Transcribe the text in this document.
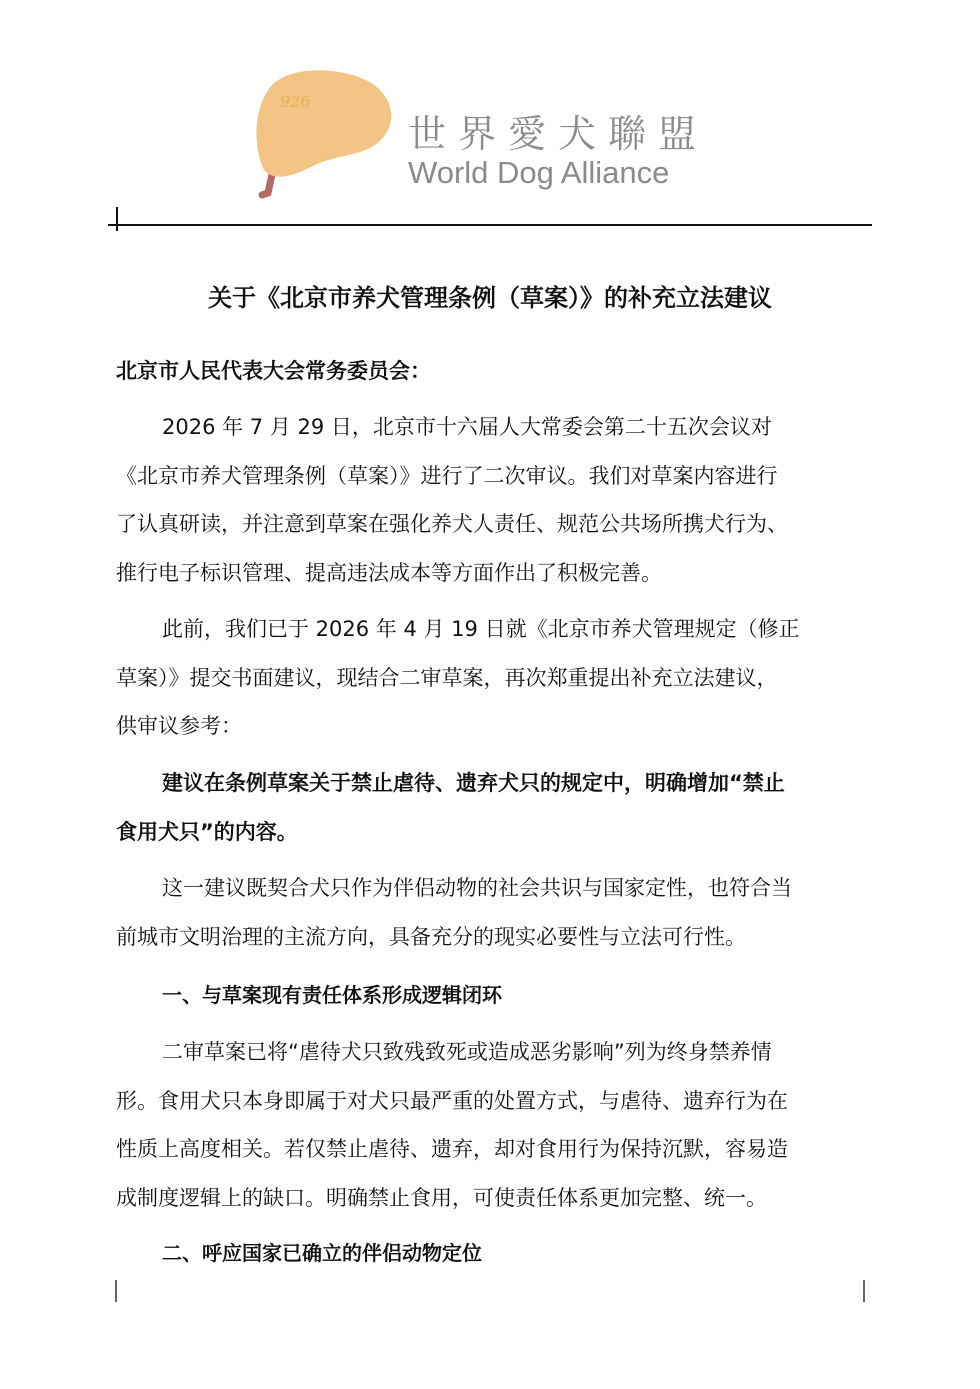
926
世界愛犬聯盟
World Dog Alliance
关于《北京市养犬管理条例（草案）》的补充立法建议
北京市人民代表大会常务委员会：
2026 年 7 月 29 日，北京市十六届人大常委会第二十五次会议对
《北京市养犬管理条例（草案）》进行了二次审议。我们对草案内容进行
了认真研读，并注意到草案在强化养犬人责任、规范公共场所携犬行为、
推行电子标识管理、提高违法成本等方面作出了积极完善。
此前，我们已于 2026 年 4 月 19 日就《北京市养犬管理规定（修正
草案）》提交书面建议，现结合二审草案，再次郑重提出补充立法建议，
供审议参考：
建议在条例草案关于禁止虐待、遗弃犬只的规定中，明确增加“禁止
食用犬只”的内容。
这一建议既契合犬只作为伴侣动物的社会共识与国家定性，也符合当
前城市文明治理的主流方向，具备充分的现实必要性与立法可行性。
一、与草案现有责任体系形成逻辑闭环
二审草案已将“虐待犬只致残致死或造成恶劣影响”列为终身禁养情
形。食用犬只本身即属于对犬只最严重的处置方式，与虐待、遗弃行为在
性质上高度相关。若仅禁止虐待、遗弃，却对食用行为保持沉默，容易造
成制度逻辑上的缺口。明确禁止食用，可使责任体系更加完整、统一。
二、呼应国家已确立的伴侣动物定位
